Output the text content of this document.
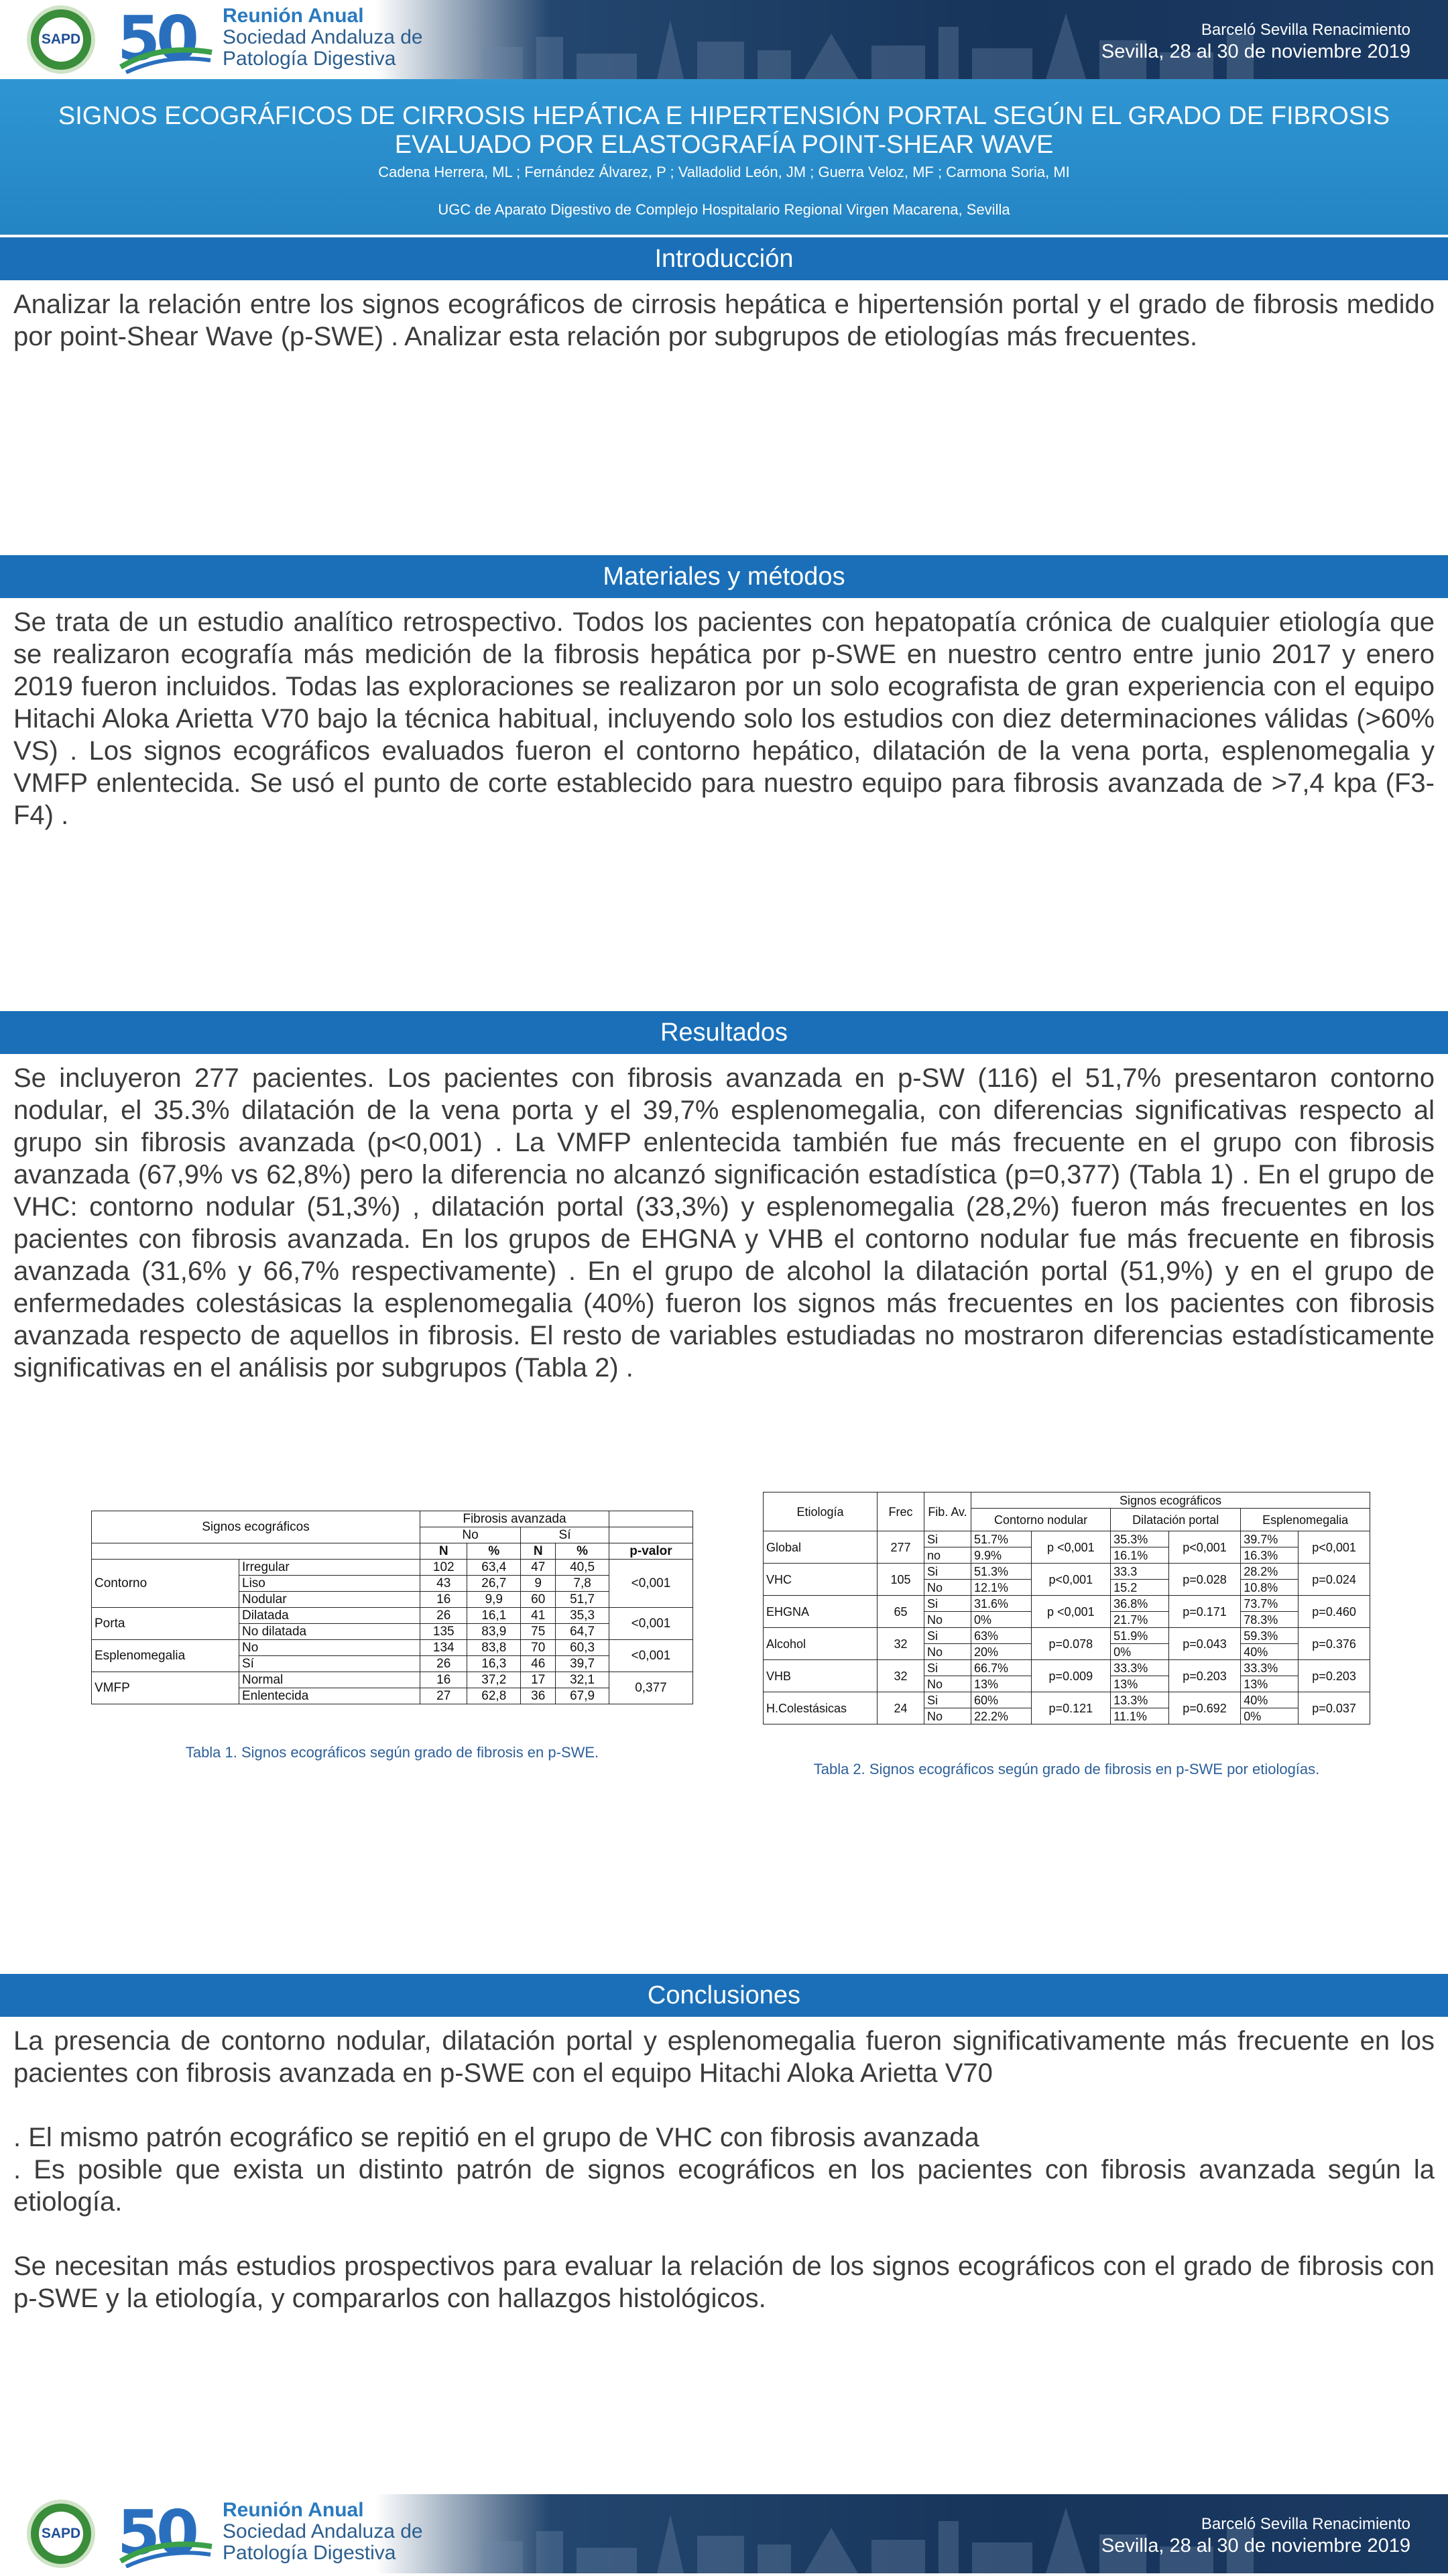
SAPD 50	Reunión Anual
Sociedad Andaluza de
Patología Digestiva
Barceló Sevilla Renacimiento
Sevilla, 28 al 30 de noviembre 2019
SIGNOS ECOGRÁFICOS DE CIRROSIS HEPÁTICA E HIPERTENSIÓN PORTAL SEGÚN EL GRADO DE FIBROSIS EVALUADO POR ELASTOGRAFÍA POINT-SHEAR WAVE
Cadena Herrera, ML ; Fernández Álvarez, P ; Valladolid León, JM ; Guerra Veloz, MF ; Carmona Soria, MI
UGC de Aparato Digestivo de Complejo Hospitalario Regional Virgen Macarena, Sevilla
Introducción

Analizar la relación entre los signos ecográficos de cirrosis hepática e hipertensión portal y el grado de fibrosis medido por point-Shear Wave (p-SWE) . Analizar esta relación por subgrupos de etiologías más frecuentes.

Materiales y métodos

Se trata de un estudio analítico retrospectivo. Todos los pacientes con hepatopatía crónica de cualquier etiología que se realizaron ecografía más medición de la fibrosis hepática por p-SWE en nuestro centro entre junio 2017 y enero 2019 fueron incluidos. Todas las exploraciones se realizaron por un solo ecografista de gran experiencia con el equipo Hitachi Aloka Arietta V70 bajo la técnica habitual, incluyendo solo los estudios con diez determinaciones válidas (>60% VS) . Los signos ecográficos evaluados fueron el contorno hepático, dilatación de la vena porta, esplenomegalia y VMFP enlentecida. Se usó el punto de corte establecido para nuestro equipo para fibrosis avanzada de >7,4 kpa (F3-F4) .

Resultados

Se incluyeron 277 pacientes. Los pacientes con fibrosis avanzada en p-SW (116) el 51,7% presentaron contorno nodular, el 35.3% dilatación de la vena porta y el 39,7% esplenomegalia, con diferencias significativas respecto al grupo sin fibrosis avanzada (p<0,001) . La VMFP enlentecida también fue más frecuente en el grupo con fibrosis avanzada (67,9% vs 62,8%) pero la diferencia no alcanzó significación estadística (p=0,377) (Tabla 1) . En el grupo de VHC: contorno nodular (51,3%) , dilatación portal (33,3%) y esplenomegalia (28,2%) fueron más frecuentes en los pacientes con fibrosis avanzada. En los grupos de EHGNA y VHB el contorno nodular fue más frecuente en fibrosis avanzada (31,6% y 66,7% respectivamente) . En el grupo de alcohol la dilatación portal (51,9%) y en el grupo de enfermedades colestásicas la esplenomegalia (40%) fueron los signos más frecuentes en los pacientes con fibrosis avanzada respecto de aquellos in fibrosis. El resto de variables estudiadas no mostraron diferencias estadísticamente significativas en el análisis por subgrupos (Tabla 2) .

Signos ecográficos		Fibrosis avanzada				
		No		Sí		
		N	%	N	%	p-valor
Contorno	Irregular	102	63,4	47	40,5	<0,001
	Liso	43	26,7	9	7,8	
	Nodular	16	9,9	60	51,7	
Porta	Dilatada	26	16,1	41	35,3	<0,001
	No dilatada	135	83,9	75	64,7	
Esplenomegalia	No	134	83,8	70	60,3	<0,001
	Sí	26	16,3	46	39,7	
VMFP	Normal	16	37,2	17	32,1	0,377
	Enlentecida	27	62,8	36	67,9	
Tabla 1. Signos ecográficos según grado de fibrosis en p-SWE.
Etiología	Frec	Fib. Av.	Signos ecográficos					
			Contorno nodular		Dilatación portal		Esplenomegalia	
Global	277	Si	51.7%	p <0,001	35.3%	p<0,001	39.7%	p<0,001
		no	9.9%		16.1%		16.3%	
VHC	105	Si	51.3%	p<0,001	33.3	p=0.028	28.2%	p=0.024
		No	12.1%		15.2		10.8%	
EHGNA	65	Si	31.6%	p <0,001	36.8%	p=0.171	73.7%	p=0.460
		No	0%		21.7%		78.3%	
Alcohol	32	Si	63%	p=0.078	51.9%	p=0.043	59.3%	p=0.376
		No	20%		0%		40%	
VHB	32	Si	66.7%	p=0.009	33.3%	p=0.203	33.3%	p=0.203
		No	13%		13%		13%	
H.Colestásicas	24	Si	60%	p=0.121	13.3%	p=0.692	40%	p=0.037
		No	22.2%		11.1%		0%	
Tabla 2. Signos ecográficos según grado de fibrosis en p-SWE por etiologías.
Conclusiones

La presencia de contorno nodular, dilatación portal y esplenomegalia fueron significativamente más frecuente en los pacientes con fibrosis avanzada en p-SWE con el equipo Hitachi Aloka Arietta V70

. El mismo patrón ecográfico se repitió en el grupo de VHC con fibrosis avanzada

. Es posible que exista un distinto patrón de signos ecográficos en los pacientes con fibrosis avanzada según la etiología.

Se necesitan más estudios prospectivos para evaluar la relación de los signos ecográficos con el grado de fibrosis con p-SWE y la etiología, y compararlos con hallazgos histológicos.

SAPD 50	Reunión Anual
Sociedad Andaluza de
Patología Digestiva
Barceló Sevilla Renacimiento
Sevilla, 28 al 30 de noviembre 2019
